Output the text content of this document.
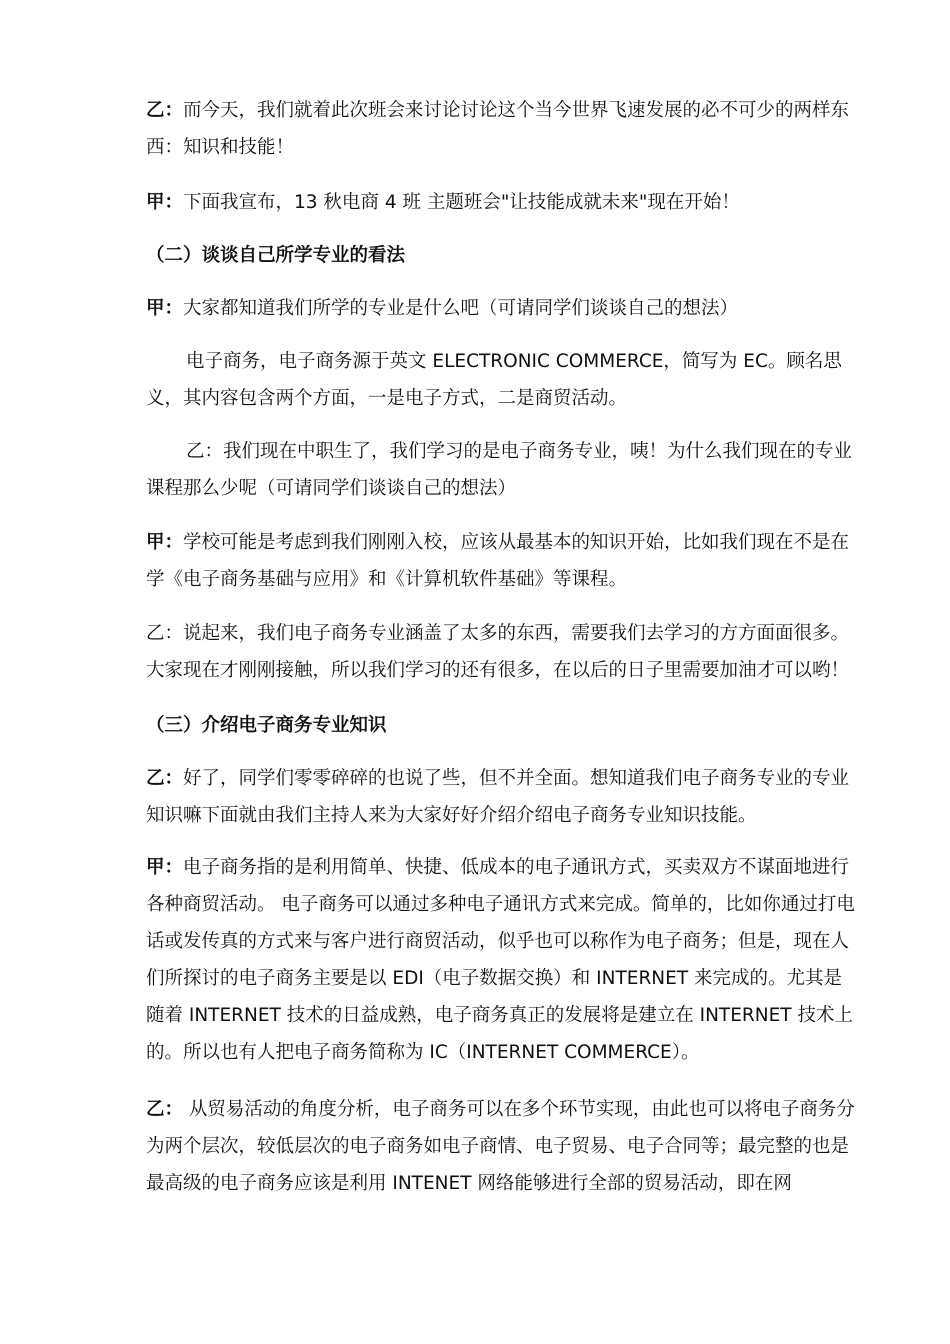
乙：而今天，我们就着此次班会来讨论讨论这个当今世界飞速发展的必不可少的两样东西：知识和技能！

甲：下面我宣布，13 秋电商 4 班 主题班会"让技能成就未来"现在开始！

（二）谈谈自己所学专业的看法

甲：大家都知道我们所学的专业是什么吧（可请同学们谈谈自己的想法）

电子商务，电子商务源于英文 ELECTRONIC COMMERCE，简写为 EC。顾名思义，其内容包含两个方面，一是电子方式，二是商贸活动。

乙：我们现在中职生了，我们学习的是电子商务专业，咦！为什么我们现在的专业课程那么少呢（可请同学们谈谈自己的想法）

甲：学校可能是考虑到我们刚刚入校，应该从最基本的知识开始，比如我们现在不是在学《电子商务基础与应用》和《计算机软件基础》等课程。

乙：说起来，我们电子商务专业涵盖了太多的东西，需要我们去学习的方方面面很多。大家现在才刚刚接触，所以我们学习的还有很多，在以后的日子里需要加油才可以哟！

（三）介绍电子商务专业知识

乙：好了，同学们零零碎碎的也说了些，但不并全面。想知道我们电子商务专业的专业知识嘛下面就由我们主持人来为大家好好介绍介绍电子商务专业知识技能。

甲：电子商务指的是利用简单、快捷、低成本的电子通讯方式，买卖双方不谋面地进行各种商贸活动。 电子商务可以通过多种电子通讯方式来完成。简单的，比如你通过打电话或发传真的方式来与客户进行商贸活动，似乎也可以称作为电子商务；但是，现在人们所探讨的电子商务主要是以 EDI（电子数据交换）和 INTERNET 来完成的。尤其是随着 INTERNET 技术的日益成熟，电子商务真正的发展将是建立在 INTERNET 技术上的。所以也有人把电子商务简称为 IC（INTERNET COMMERCE）。

乙： 从贸易活动的角度分析，电子商务可以在多个环节实现，由此也可以将电子商务分为两个层次，较低层次的电子商务如电子商情、电子贸易、电子合同等；最完整的也是最高级的电子商务应该是利用 INTENET 网络能够进行全部的贸易活动，即在网
